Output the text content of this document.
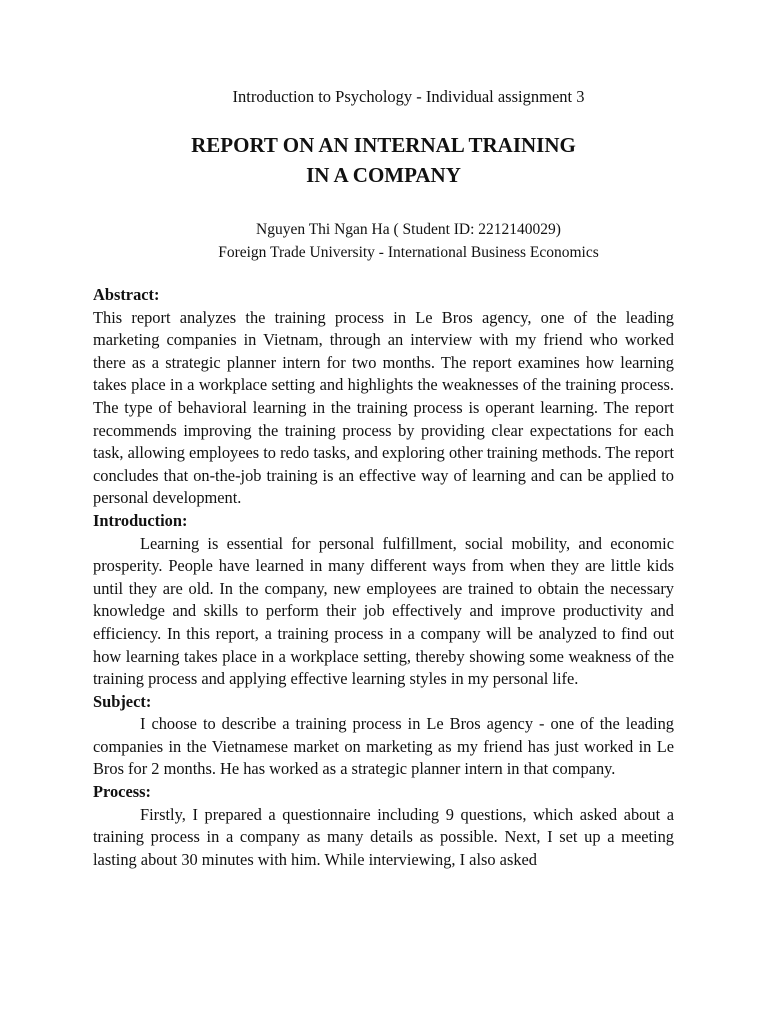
Introduction to Psychology - Individual assignment 3
REPORT ON AN INTERNAL TRAINING
IN A COMPANY
Nguyen Thi Ngan Ha ( Student ID: 2212140029)
Foreign Trade University - International Business Economics

Abstract:

This report analyzes the training process in Le Bros agency, one of the leading marketing companies in Vietnam, through an interview with my friend who worked there as a strategic planner intern for two months. The report examines how learning takes place in a workplace setting and highlights the weaknesses of the training process. The type of behavioral learning in the training process is operant learning. The report recommends improving the training process by providing clear expectations for each task, allowing employees to redo tasks, and exploring other training methods. The report concludes that on-the-job training is an effective way of learning and can be applied to personal development.

Introduction:

Learning is essential for personal fulfillment, social mobility, and economic prosperity. People have learned in many different ways from when they are little kids until they are old. In the company, new employees are trained to obtain the necessary knowledge and skills to perform their job effectively and improve productivity and efficiency. In this report, a training process in a company will be analyzed to find out how learning takes place in a workplace setting, thereby showing some weakness of the training process and applying effective learning styles in my personal life.

Subject:

I choose to describe a training process in Le Bros agency - one of the leading companies in the Vietnamese market on marketing as my friend has just worked in Le Bros for 2 months. He has worked as a strategic planner intern in that company.

Process:

Firstly, I prepared a questionnaire including 9 questions, which asked about a training process in a company as many details as possible. Next, I set up a meeting lasting about 30 minutes with him. While interviewing, I also asked
